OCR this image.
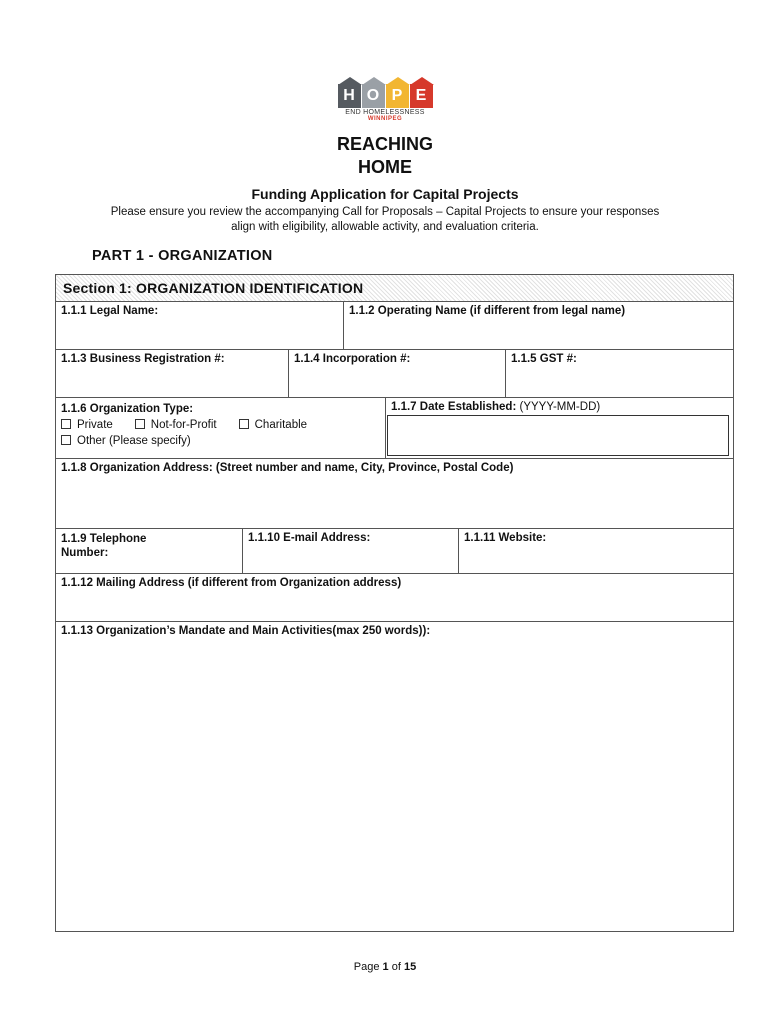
H O P E
END HOMELESSNESS
WINNIPEG
REACHING
HOME
Funding Application for Capital Projects
Please ensure you review the accompanying Call for Proposals – Capital Projects to ensure your responses align with eligibility, allowable activity, and evaluation criteria.
PART 1 - ORGANIZATION
Section 1: ORGANIZATION IDENTIFICATION
1.1.1 Legal Name:	1.1.2 Operating Name (if different from legal name)
1.1.3 Business Registration #:	1.1.4 Incorporation #:	1.1.5 GST #:
1.1.6 Organization Type:
Private	Not-for-Profit	Charitable
Other (Please specify)
1.1.7 Date Established: (YYYY-MM-DD)
1.1.8 Organization Address: (Street number and name, City, Province, Postal Code)
1.1.9 Telephone
Number:
1.1.10 E-mail Address:	1.1.11 Website:
1.1.12 Mailing Address (if different from Organization address)
1.1.13 Organization’s Mandate and Main Activities(max 250 words)):
Page 1 of 15
